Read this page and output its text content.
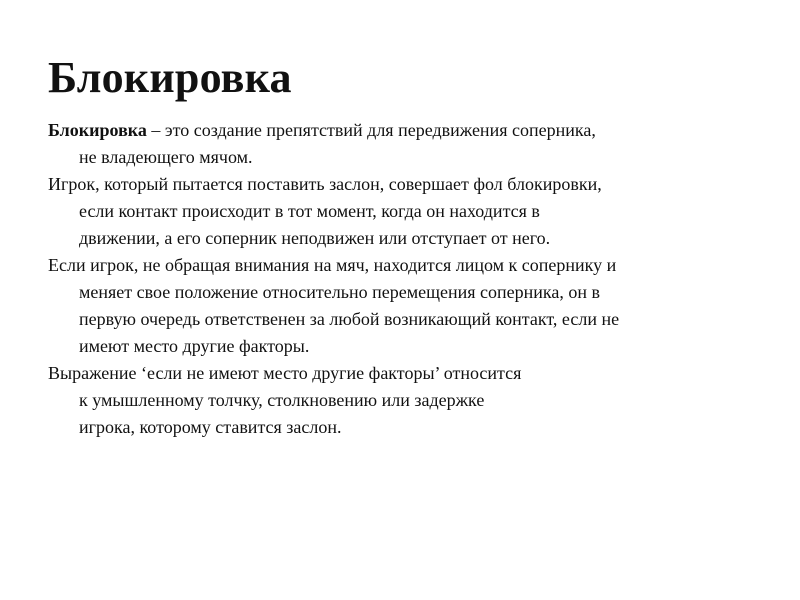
Блокировка

Блокировка – это создание препятствий для передвижения соперника,
не владеющего мячом.

Игрок, который пытается поставить заслон, совершает фол блокировки,
если контакт происходит в тот момент, когда он находится в
движении, а его соперник неподвижен или отступает от него.

Если игрок, не обращая внимания на мяч, находится лицом к сопернику и
меняет свое положение относительно перемещения соперника, он в
первую очередь ответственен за любой возникающий контакт, если не
имеют место другие факторы.

Выражение ‘если не имеют место другие факторы’ относится
к умышленному толчку, столкновению или задержке
игрока, которому ставится заслон.
